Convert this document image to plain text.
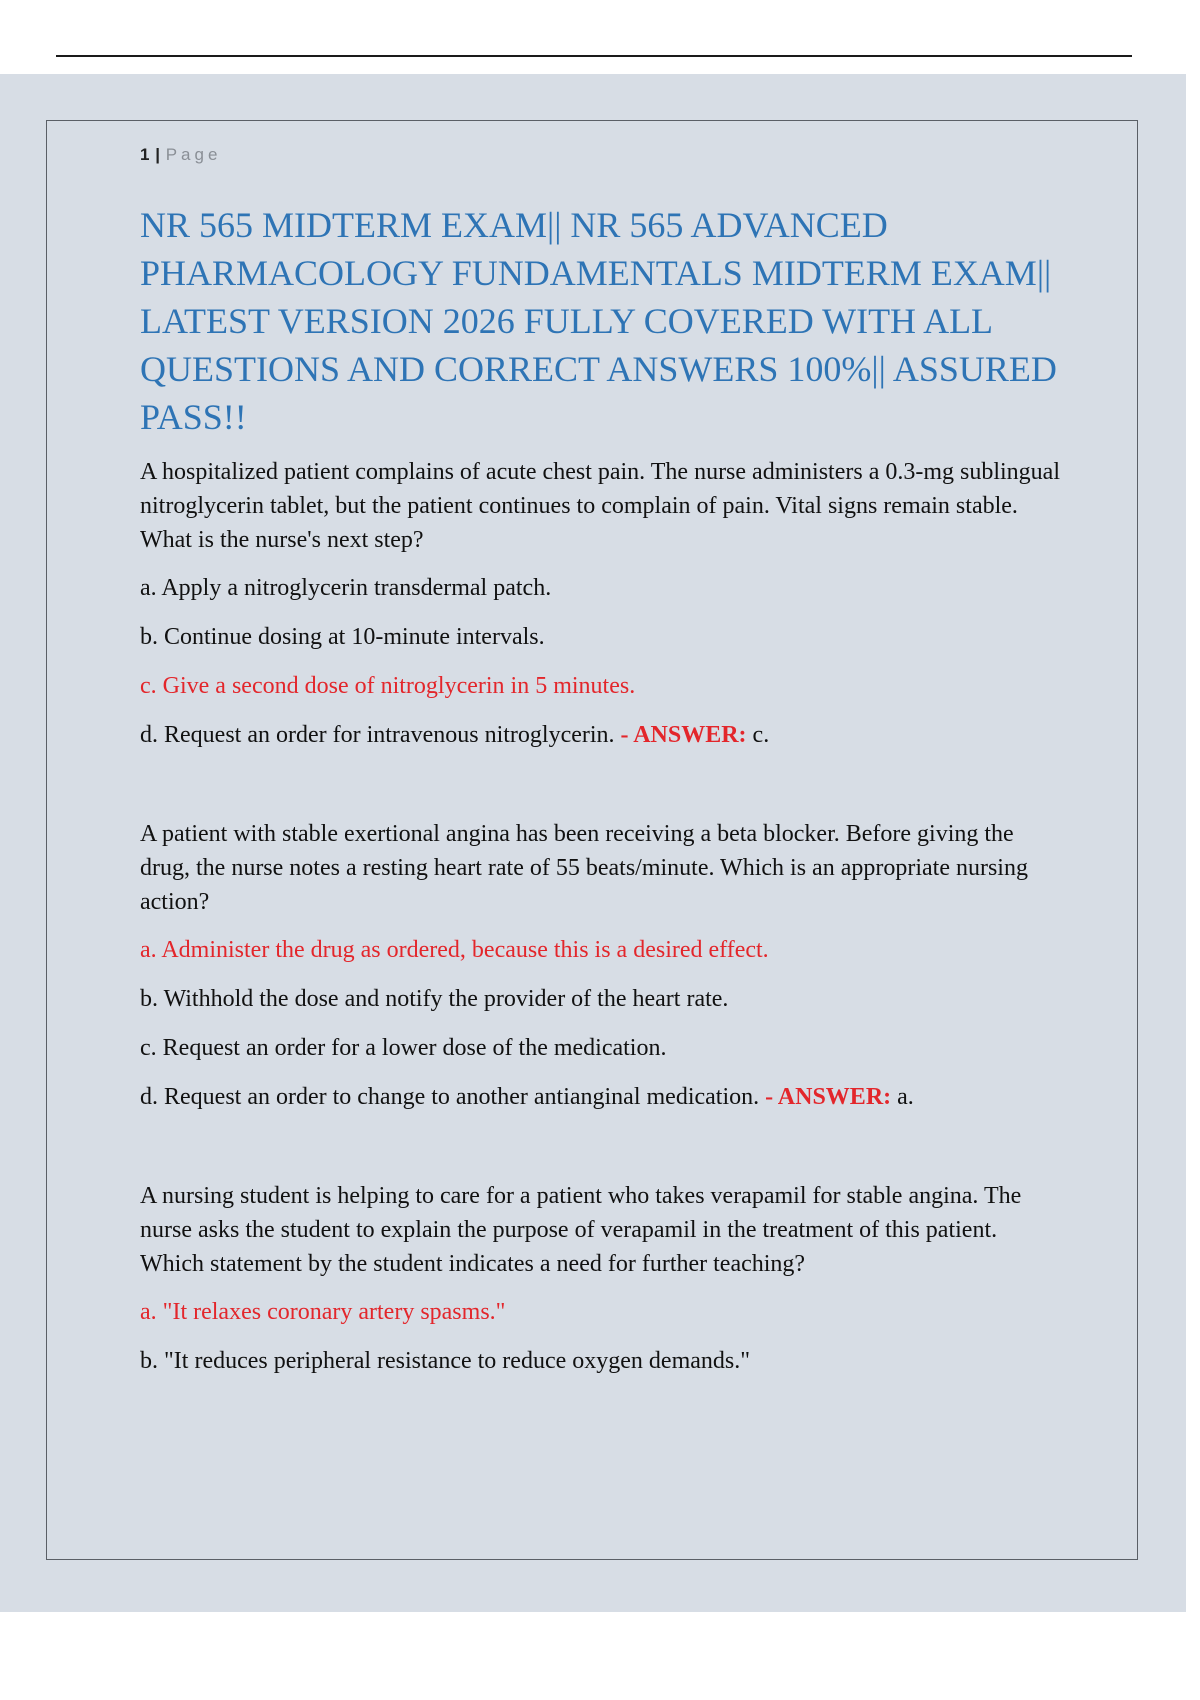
1 | Page
NR 565 MIDTERM EXAM|| NR 565 ADVANCED PHARMACOLOGY FUNDAMENTALS MIDTERM EXAM|| LATEST VERSION 2026 FULLY COVERED WITH ALL QUESTIONS AND CORRECT ANSWERS 100%|| ASSURED PASS!!

A hospitalized patient complains of acute chest pain. The nurse administers a 0.3-mg sublingual nitroglycerin tablet, but the patient continues to complain of pain. Vital signs remain stable. What is the nurse's next step?

a. Apply a nitroglycerin transdermal patch.

b. Continue dosing at 10-minute intervals.

c. Give a second dose of nitroglycerin in 5 minutes.

d. Request an order for intravenous nitroglycerin. - ANSWER: c.

A patient with stable exertional angina has been receiving a beta blocker. Before giving the drug, the nurse notes a resting heart rate of 55 beats/minute. Which is an appropriate nursing action?

a. Administer the drug as ordered, because this is a desired effect.

b. Withhold the dose and notify the provider of the heart rate.

c. Request an order for a lower dose of the medication.

d. Request an order to change to another antianginal medication. - ANSWER: a.

A nursing student is helping to care for a patient who takes verapamil for stable angina. The nurse asks the student to explain the purpose of verapamil in the treatment of this patient. Which statement by the student indicates a need for further teaching?

a. "It relaxes coronary artery spasms."

b. "It reduces peripheral resistance to reduce oxygen demands."
